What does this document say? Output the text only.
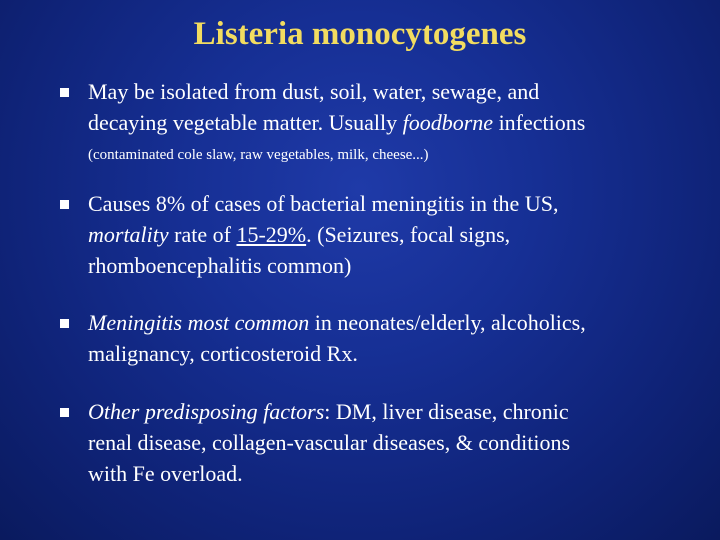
Listeria monocytogenes
May be isolated from dust, soil, water, sewage, and
decaying vegetable matter. Usually foodborne infections
(contaminated cole slaw, raw vegetables, milk, cheese...)
Causes 8% of cases of bacterial meningitis in the US,
mortality rate of 15-29%. (Seizures, focal signs,
rhomboencephalitis common)
Meningitis most common in neonates/elderly, alcoholics,
malignancy, corticosteroid Rx.
Other predisposing factors: DM, liver disease, chronic
renal disease, collagen-vascular diseases, & conditions
with Fe overload.
